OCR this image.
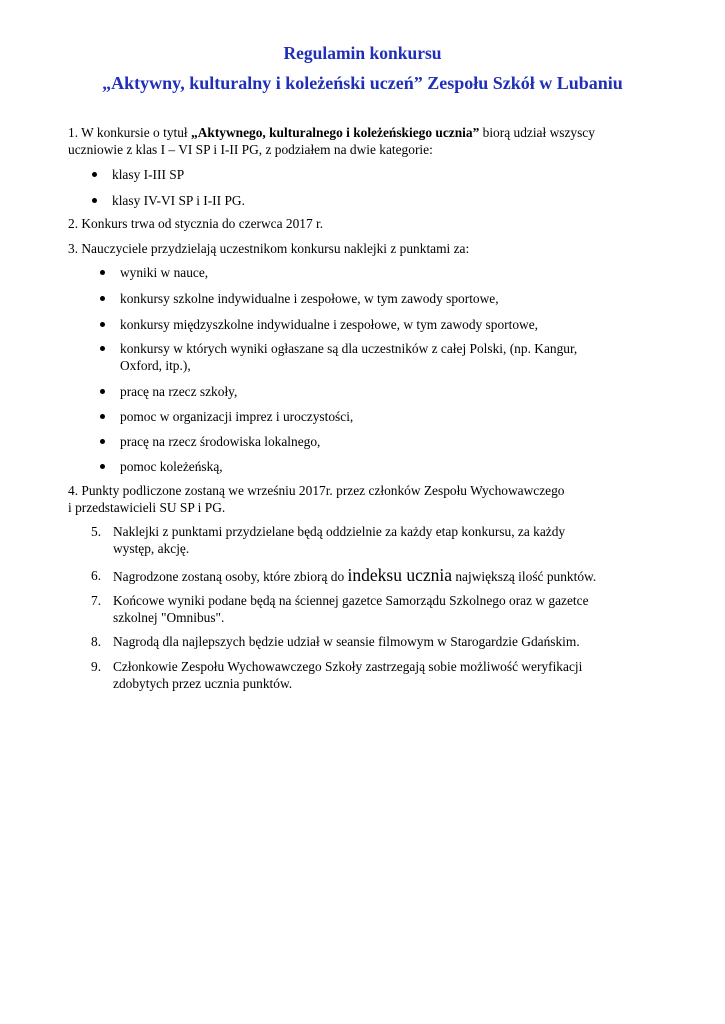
Regulamin konkursu
„Aktywny, kulturalny i koleżeński uczeń” Zespołu Szkół w Lubaniu
1. W konkursie o tytuł „Aktywnego, kulturalnego i koleżeńskiego ucznia” biorą udział wszyscy
uczniowie z klas I – VI SP i I-II PG, z podziałem na dwie kategorie:
klasy I-III SP
klasy IV-VI SP i I-II PG.
2. Konkurs trwa od stycznia do czerwca 2017 r.
3. Nauczyciele przydzielają uczestnikom konkursu naklejki z punktami za:
wyniki w nauce,
konkursy szkolne indywidualne i zespołowe, w tym zawody sportowe,
konkursy międzyszkolne indywidualne i zespołowe, w tym zawody sportowe,
konkursy w których wyniki ogłaszane są dla uczestników z całej Polski, (np. Kangur,
Oxford, itp.),
pracę na rzecz szkoły,
pomoc w organizacji imprez i uroczystości,
pracę na rzecz środowiska lokalnego,
pomoc koleżeńską,
4. Punkty podliczone zostaną we wrześniu 2017r. przez członków Zespołu Wychowawczego
i przedstawicieli SU SP i PG.
5. Naklejki z punktami przydzielane będą oddzielnie za każdy etap konkursu, za każdy
występ, akcję.
6. Nagrodzone zostaną osoby, które zbiorą do indeksu ucznia największą ilość punktów.
7. Końcowe wyniki podane będą na ściennej gazetce Samorządu Szkolnego oraz w gazetce
szkolnej "Omnibus".
8. Nagrodą dla najlepszych będzie udział w seansie filmowym w Starogardzie Gdańskim.
9. Członkowie Zespołu Wychowawczego Szkoły zastrzegają sobie możliwość weryfikacji
zdobytych przez ucznia punktów.
